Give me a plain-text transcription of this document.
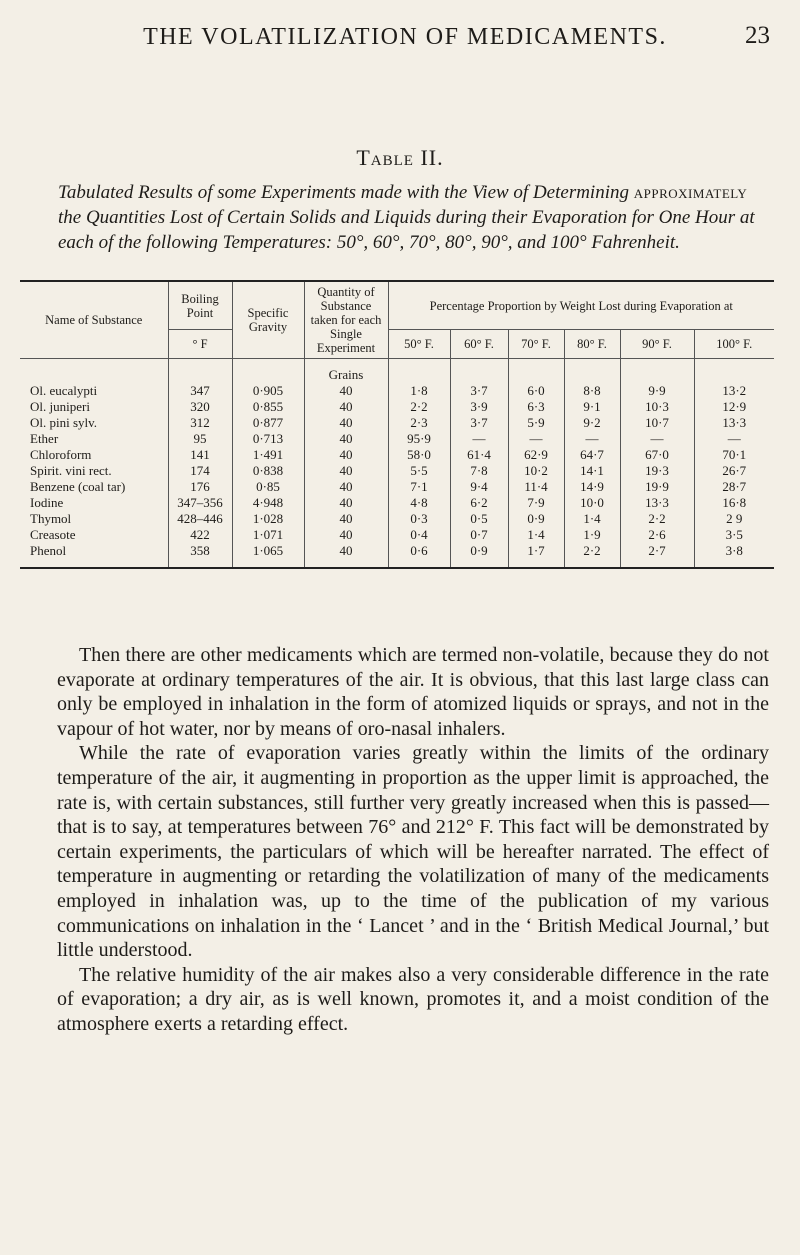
THE VOLATILIZATION OF MEDICAMENTS.	23
Table II.
Tabulated Results of some Experiments made with the View of Determining approximately the Quantities Lost of Certain Solids and Liquids during their Evaporation for One Hour at each of the following Temperatures: 50°, 60°, 70°, 80°, 90°, and 100° Fahrenheit.
Name of Substance	Boiling Point	Specific Gravity	Quantity of Substance taken for each Single Experiment	Percentage Proportion by Weight Lost during Evaporation at					
	° F			50° F.	60° F.	70° F.	80° F.	90° F.	100° F.

			Grains						
Ol. eucalypti	347	0·905	40	1·8	3·7	6·0	8·8	9·9	13·2
Ol. juniperi	320	0·855	40	2·2	3·9	6·3	9·1	10·3	12·9
Ol. pini sylv.	312	0·877	40	2·3	3·7	5·9	9·2	10·7	13·3
Ether	95	0·713	40	95·9	—	—	—	—	—
Chloroform	141	1·491	40	58·0	61·4	62·9	64·7	67·0	70·1
Spirit. vini rect.	174	0·838	40	5·5	7·8	10·2	14·1	19·3	26·7
Benzene (coal tar)	176	0·85	40	7·1	9·4	11·4	14·9	19·9	28·7
Iodine	347–356	4·948	40	4·8	6·2	7·9	10·0	13·3	16·8
Thymol	428–446	1·028	40	0·3	0·5	0·9	1·4	2·2	2 9
Creasote	422	1·071	40	0·4	0·7	1·4	1·9	2·6	3·5
Phenol	358	1·065	40	0·6	0·9	1·7	2·2	2·7	3·8

Then there are other medicaments which are termed non-volatile, because they do not evaporate at ordinary temperatures of the air. It is obvious, that this last large class can only be employed in inhalation in the form of atomized liquids or sprays, and not in the vapour of hot water, nor by means of oro-nasal inhalers.

While the rate of evaporation varies greatly within the limits of the ordinary temperature of the air, it augmenting in proportion as the upper limit is approached, the rate is, with certain substances, still further very greatly increased when this is passed—that is to say, at temperatures between 76° and 212° F. This fact will be demonstrated by certain experiments, the particulars of which will be hereafter narrated. The effect of temperature in augmenting or retarding the volatilization of many of the medicaments employed in inhalation was, up to the time of the publication of my various communications on inhalation in the ‘ Lancet ’ and in the ‘ British Medical Journal,’ but little understood.

The relative humidity of the air makes also a very considerable difference in the rate of evaporation; a dry air, as is well known, promotes it, and a moist condition of the atmosphere exerts a retarding effect.
